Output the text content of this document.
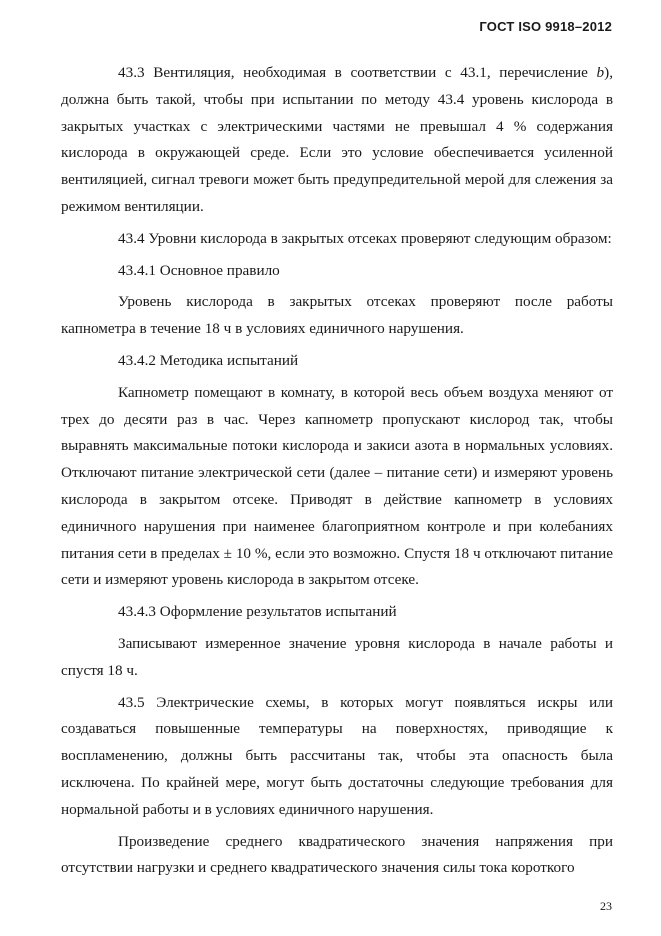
ГОСТ ISO 9918–2012

43.3 Вентиляция, необходимая в соответствии с 43.1, перечисление b), должна быть такой, чтобы при испытании по методу 43.4 уровень кислорода в закрытых участках с электрическими частями не превышал 4 % содержания кислорода в окружающей среде. Если это условие обеспечивается усиленной вентиляцией, сигнал тревоги может быть предупредительной мерой для слежения за режимом вентиляции.

43.4 Уровни кислорода в закрытых отсеках проверяют следующим образом:

43.4.1 Основное правило

Уровень кислорода в закрытых отсеках проверяют после работы капнометра в течение 18 ч в условиях единичного нарушения.

43.4.2 Методика испытаний

Капнометр помещают в комнату, в которой весь объем воздуха меняют от трех до десяти раз в час. Через капнометр пропускают кислород так, чтобы выравнять максимальные потоки кислорода и закиси азота в нормальных условиях. Отключают питание электрической сети (далее – питание сети) и измеряют уровень кислорода в закрытом отсеке. Приводят в действие капнометр в условиях единичного нарушения при наименее благоприятном контроле и при колебаниях питания сети в пределах ± 10 %, если это возможно. Спустя 18 ч отключают питание сети и измеряют уровень кислорода в закрытом отсеке.

43.4.3 Оформление результатов испытаний

Записывают измеренное значение уровня кислорода в начале работы и спустя 18 ч.

43.5 Электрические схемы, в которых могут появляться искры или создаваться повышенные температуры на поверхностях, приводящие к воспламенению, должны быть рассчитаны так, чтобы эта опасность была исключена. По крайней мере, могут быть достаточны следующие требования для нормальной работы и в условиях единичного нарушения.

Произведение среднего квадратического значения напряжения при отсутствии нагрузки и среднего квадратического значения силы тока короткого

23
